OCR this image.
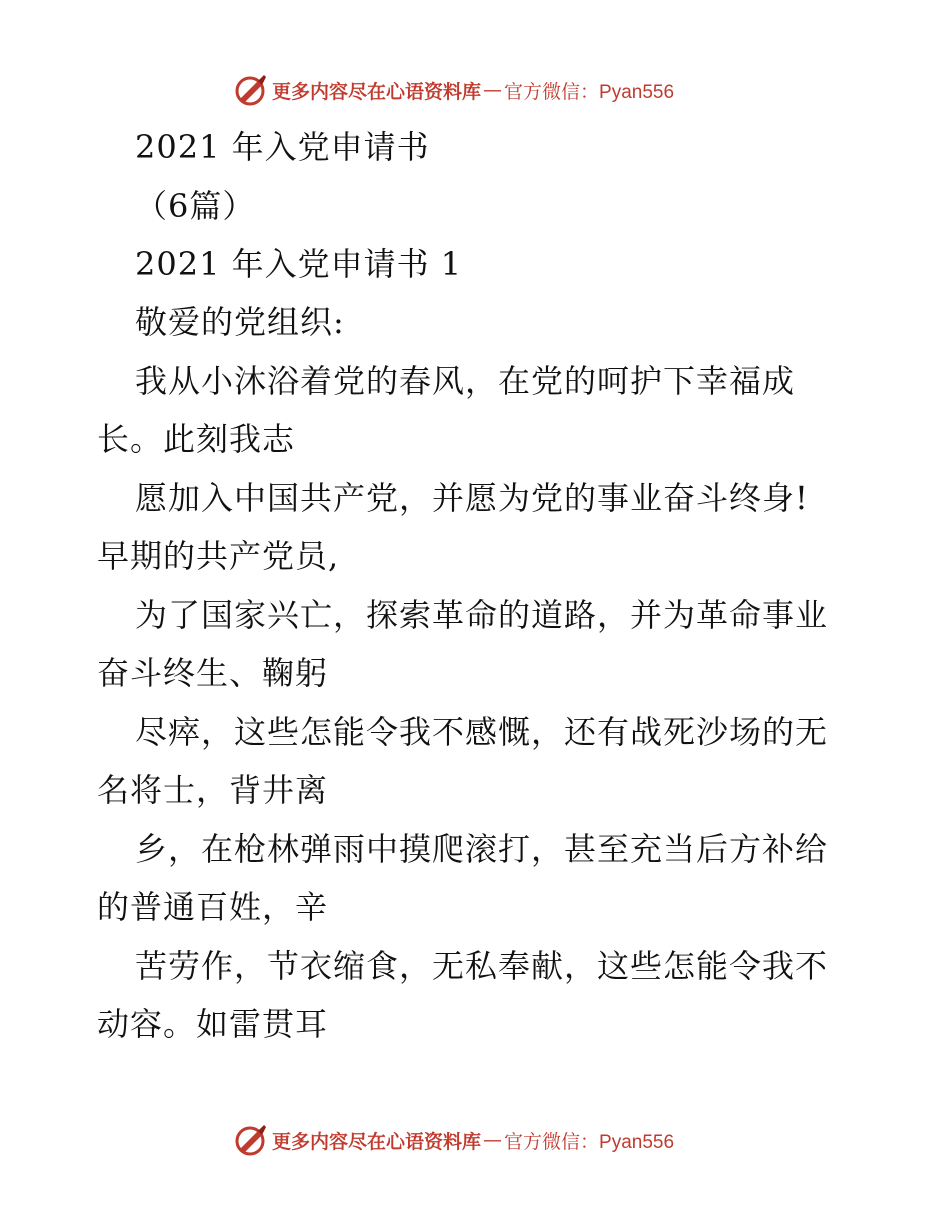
更多内容尽在心语资料库 — 官方微信：Pyan556
2021 年入党申请书
（6篇）
2021 年入党申请书 1
敬爱的党组织:
我从小沐浴着党的春风，在党的呵护下幸福成
长。此刻我志
愿加入中国共产党，并愿为党的事业奋斗终身!
早期的共产党员,
为了国家兴亡，探索革命的道路，并为革命事业
奋斗终生、鞠躬
尽瘁，这些怎能令我不感慨，还有战死沙场的无
名将士，背井离
乡，在枪林弹雨中摸爬滚打，甚至充当后方补给
的普通百姓，辛
苦劳作，节衣缩食，无私奉献，这些怎能令我不
动容。如雷贯耳
更多内容尽在心语资料库 — 官方微信：Pyan556
